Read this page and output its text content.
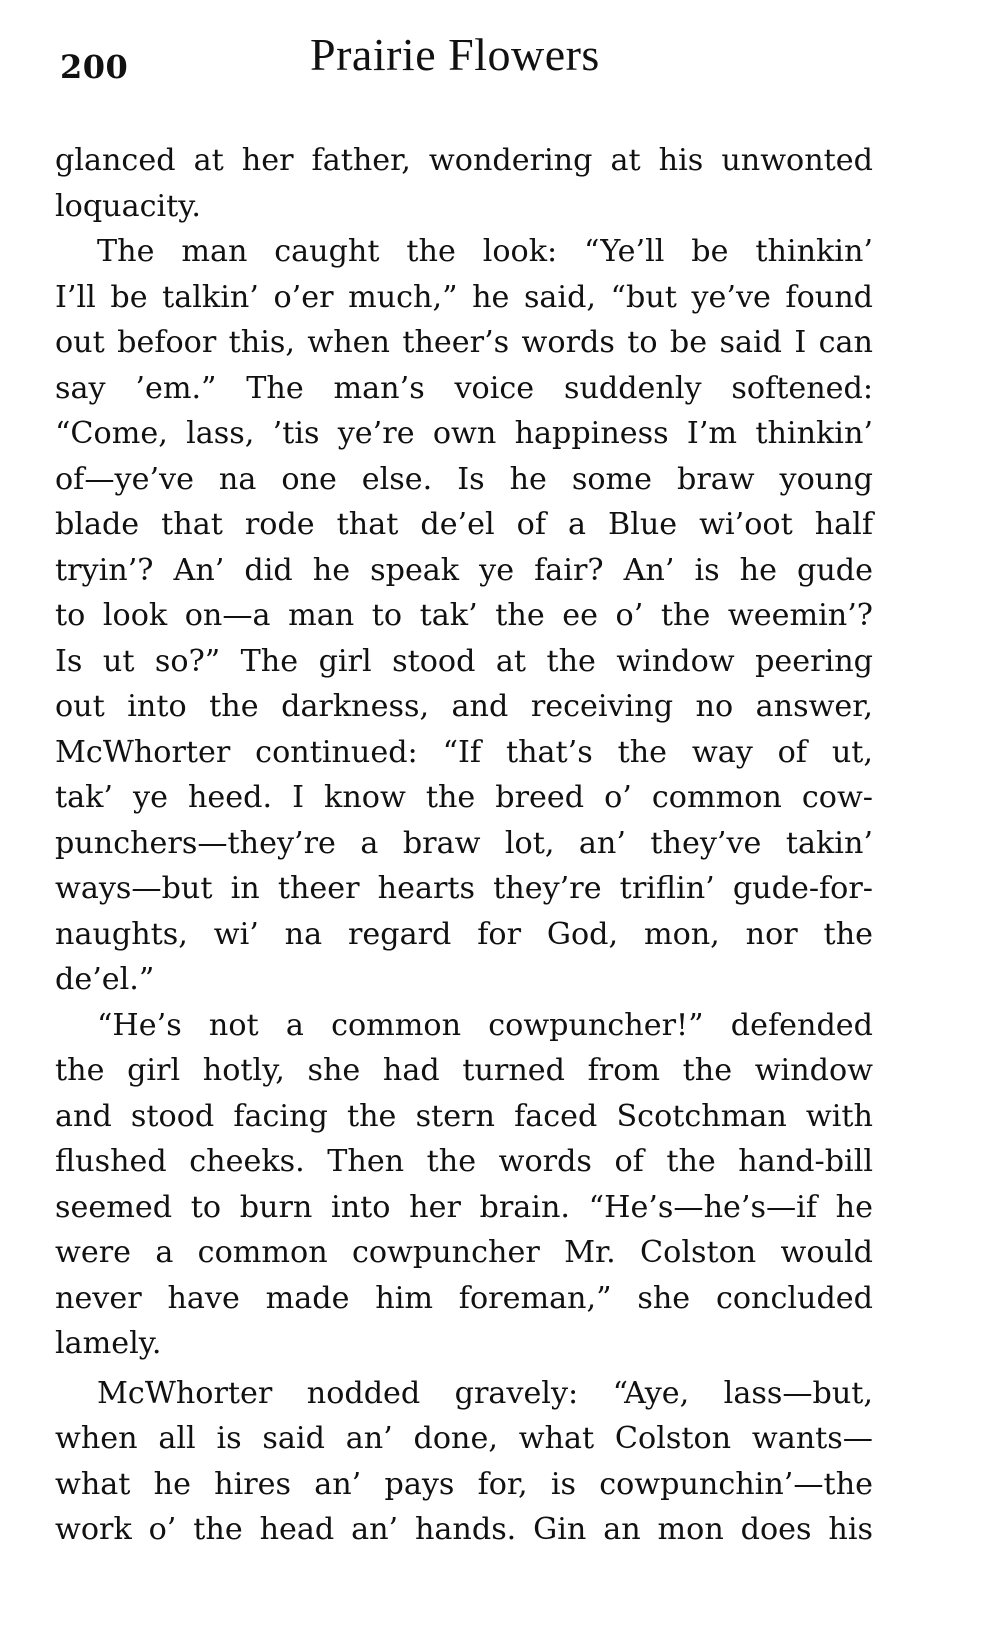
200	Prairie Flowers
glanced at her father, wondering at his unwonted
loquacity.
The man caught the look: “Ye’ll be thinkin’
I’ll be talkin’ o’er much,” he said, “but ye’ve found
out befoor this, when theer’s words to be said I can
say ’em.” The man’s voice suddenly softened:
“Come, lass, ’tis ye’re own happiness I’m thinkin’
of—ye’ve na one else. Is he some braw young
blade that rode that de’el of a Blue wi’oot half
tryin’? An’ did he speak ye fair? An’ is he gude
to look on—a man to tak’ the ee o’ the weemin’?
Is ut so?” The girl stood at the window peering
out into the darkness, and receiving no answer,
McWhorter continued: “If that’s the way of ut,
tak’ ye heed. I know the breed o’ common cow-
punchers—they’re a braw lot, an’ they’ve takin’
ways—but in theer hearts they’re triflin’ gude-for-
naughts, wi’ na regard for God, mon, nor the
de’el.”
“He’s not a common cowpuncher!” defended
the girl hotly, she had turned from the window
and stood facing the stern faced Scotchman with
flushed cheeks. Then the words of the hand-bill
seemed to burn into her brain. “He’s—he’s—if he
were a common cowpuncher Mr. Colston would
never have made him foreman,” she concluded
lamely.
McWhorter nodded gravely: “Aye, lass—but,
when all is said an’ done, what Colston wants—
what he hires an’ pays for, is cowpunchin’—the
work o’ the head an’ hands. Gin an mon does his
